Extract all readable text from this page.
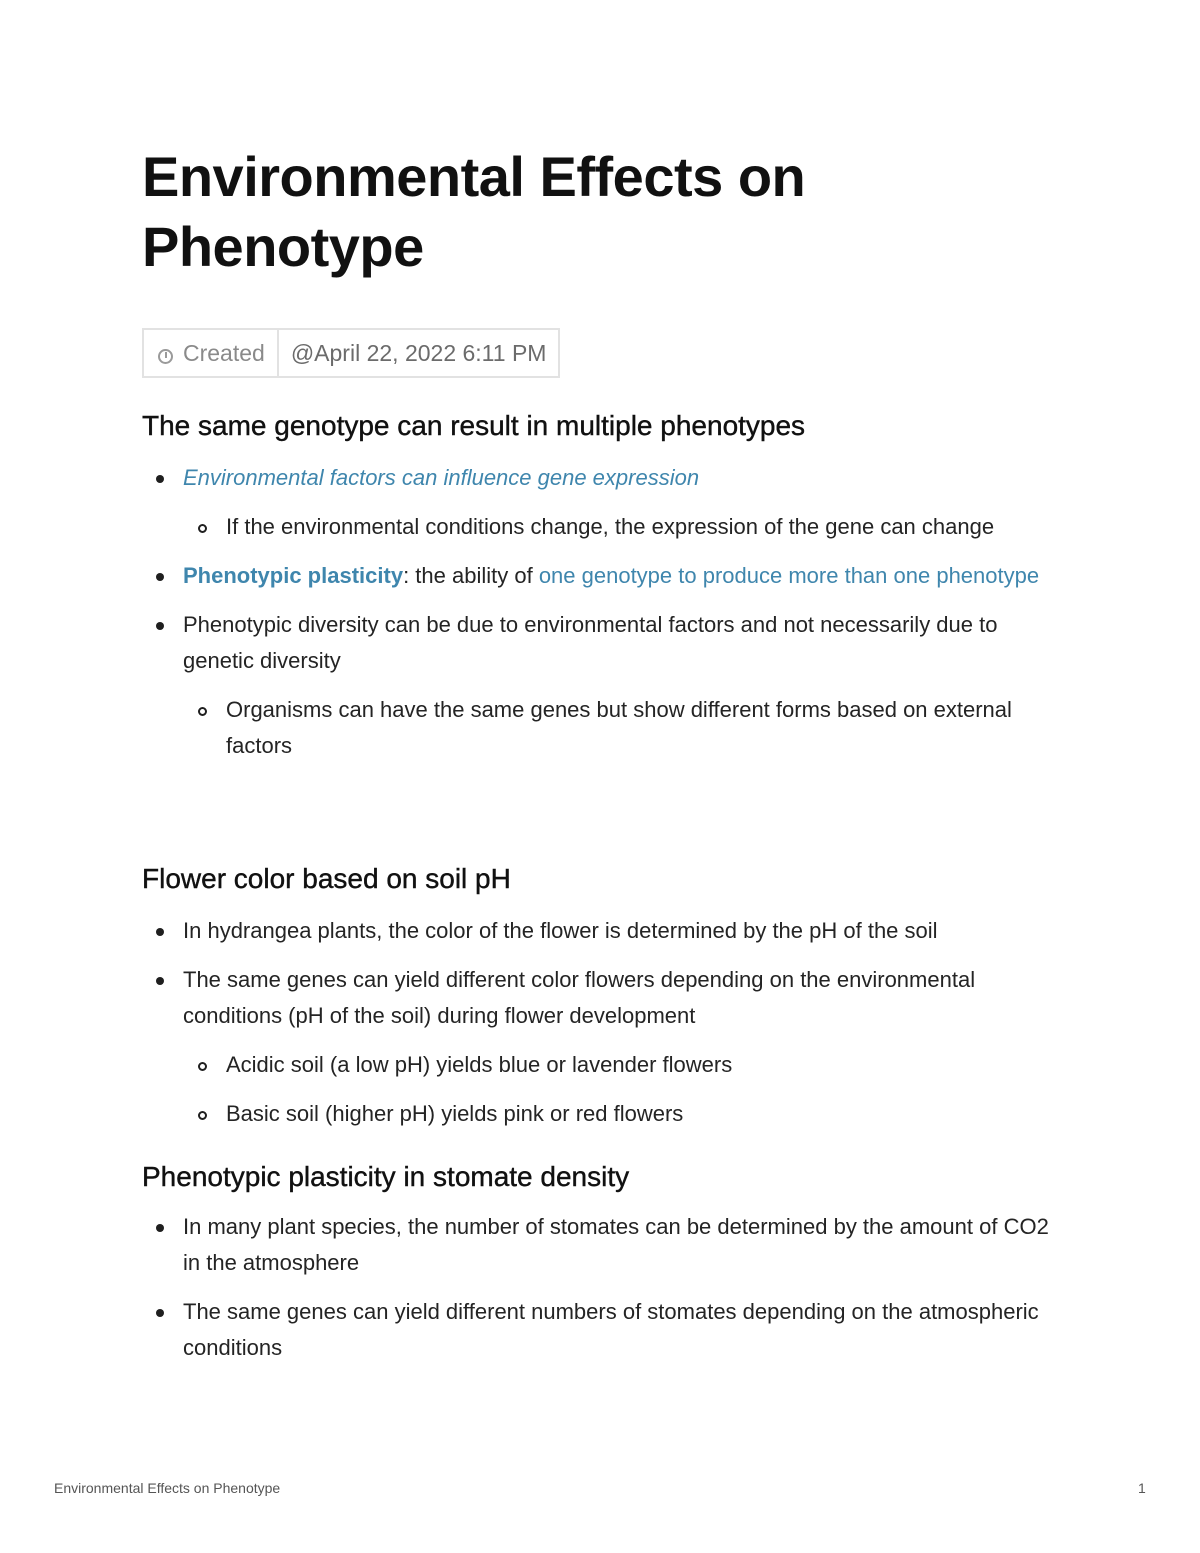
Environmental Effects on Phenotype
Created	@April 22, 2022 6:11 PM
The same genotype can result in multiple phenotypes
Environmental factors can influence gene expression
If the environmental conditions change, the expression of the gene can change
Phenotypic plasticity: the ability of one genotype to produce more than one phenotype
Phenotypic diversity can be due to environmental factors and not necessarily due to genetic diversity
Organisms can have the same genes but show different forms based on external factors
Flower color based on soil pH
In hydrangea plants, the color of the flower is determined by the pH of the soil
The same genes can yield different color flowers depending on the environmental conditions (pH of the soil) during flower development
Acidic soil (a low pH) yields blue or lavender flowers
Basic soil (higher pH) yields pink or red flowers
Phenotypic plasticity in stomate density
In many plant species, the number of stomates can be determined by the amount of CO2 in the atmosphere
The same genes can yield different numbers of stomates depending on the atmospheric conditions
Environmental Effects on Phenotype	1
